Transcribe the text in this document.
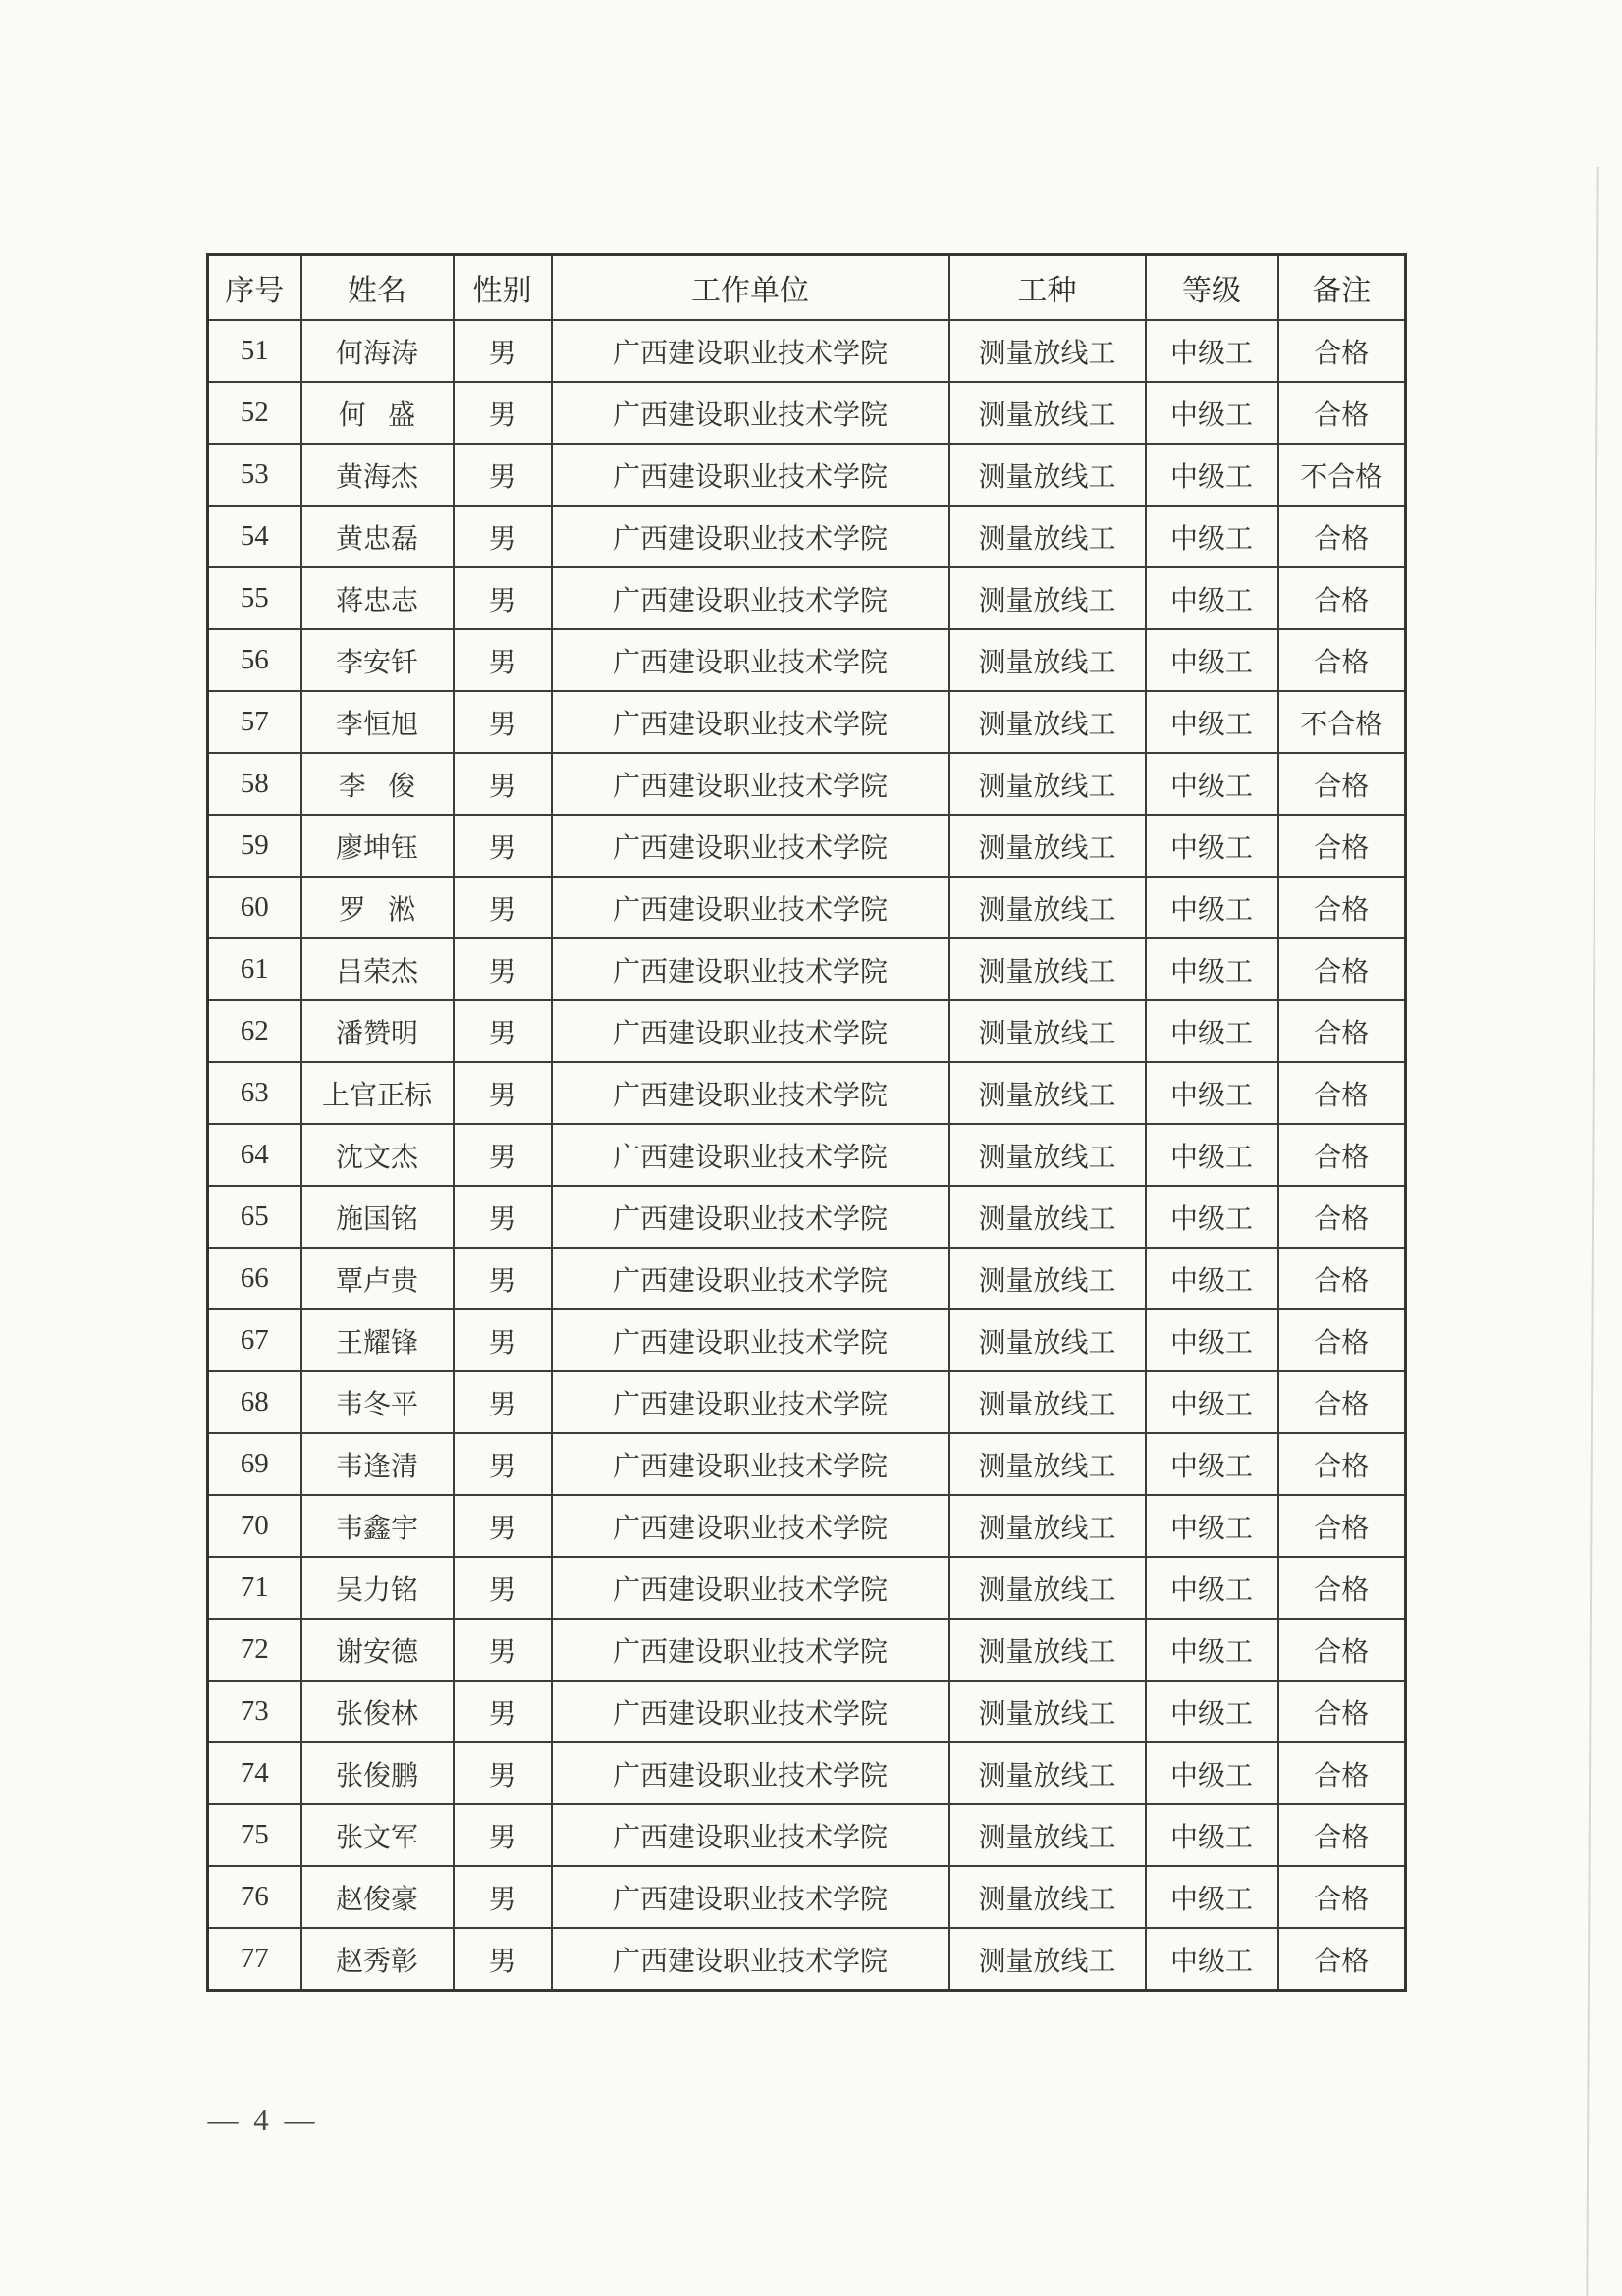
序号	姓名	性别	工作单位	工种	等级	备注
51	何海涛	男	广西建设职业技术学院	测量放线工	中级工	合格
52	何盛	男	广西建设职业技术学院	测量放线工	中级工	合格
53	黄海杰	男	广西建设职业技术学院	测量放线工	中级工	不合格
54	黄忠磊	男	广西建设职业技术学院	测量放线工	中级工	合格
55	蒋忠志	男	广西建设职业技术学院	测量放线工	中级工	合格
56	李安钎	男	广西建设职业技术学院	测量放线工	中级工	合格
57	李恒旭	男	广西建设职业技术学院	测量放线工	中级工	不合格
58	李俊	男	广西建设职业技术学院	测量放线工	中级工	合格
59	廖坤钰	男	广西建设职业技术学院	测量放线工	中级工	合格
60	罗淞	男	广西建设职业技术学院	测量放线工	中级工	合格
61	吕荣杰	男	广西建设职业技术学院	测量放线工	中级工	合格
62	潘赞明	男	广西建设职业技术学院	测量放线工	中级工	合格
63	上官正标	男	广西建设职业技术学院	测量放线工	中级工	合格
64	沈文杰	男	广西建设职业技术学院	测量放线工	中级工	合格
65	施国铭	男	广西建设职业技术学院	测量放线工	中级工	合格
66	覃卢贵	男	广西建设职业技术学院	测量放线工	中级工	合格
67	王耀锋	男	广西建设职业技术学院	测量放线工	中级工	合格
68	韦冬平	男	广西建设职业技术学院	测量放线工	中级工	合格
69	韦逢清	男	广西建设职业技术学院	测量放线工	中级工	合格
70	韦鑫宇	男	广西建设职业技术学院	测量放线工	中级工	合格
71	吴力铭	男	广西建设职业技术学院	测量放线工	中级工	合格
72	谢安德	男	广西建设职业技术学院	测量放线工	中级工	合格
73	张俊林	男	广西建设职业技术学院	测量放线工	中级工	合格
74	张俊鹏	男	广西建设职业技术学院	测量放线工	中级工	合格
75	张文军	男	广西建设职业技术学院	测量放线工	中级工	合格
76	赵俊豪	男	广西建设职业技术学院	测量放线工	中级工	合格
77	赵秀彰	男	广西建设职业技术学院	测量放线工	中级工	合格
— 4 —
